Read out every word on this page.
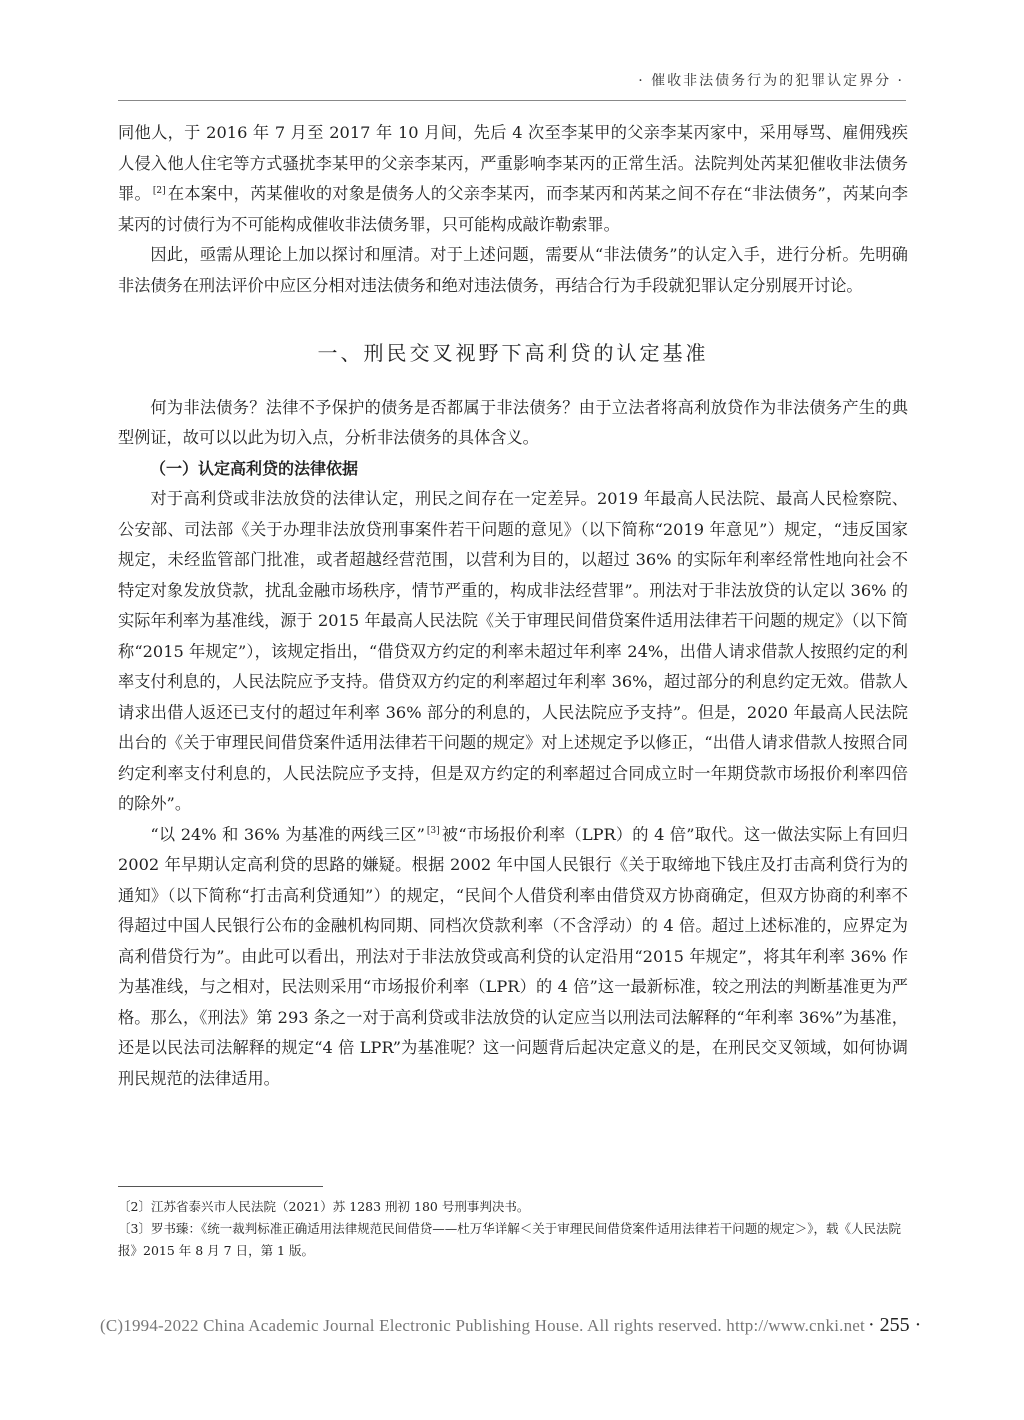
· 催收非法债务行为的犯罪认定界分 ·

同他人，于 2016 年 7 月至 2017 年 10 月间，先后 4 次至李某甲的父亲李某丙家中，采用辱骂、雇佣残疾人侵入他人住宅等方式骚扰李某甲的父亲李某丙，严重影响李某丙的正常生活。法院判处芮某犯催收非法债务罪。 [2] 在本案中，芮某催收的对象是债务人的父亲李某丙，而李某丙和芮某之间不存在“非法债务”，芮某向李某丙的讨债行为不可能构成催收非法债务罪，只可能构成敲诈勒索罪。

因此，亟需从理论上加以探讨和厘清。对于上述问题，需要从“非法债务”的认定入手，进行分析。先明确非法债务在刑法评价中应区分相对违法债务和绝对违法债务，再结合行为手段就犯罪认定分别展开讨论。

一、刑民交叉视野下高利贷的认定基准

何为非法债务？法律不予保护的债务是否都属于非法债务？由于立法者将高利放贷作为非法债务产生的典型例证，故可以以此为切入点，分析非法债务的具体含义。

（一）认定高利贷的法律依据

对于高利贷或非法放贷的法律认定，刑民之间存在一定差异。2019 年最高人民法院、最高人民检察院、公安部、司法部《关于办理非法放贷刑事案件若干问题的意见》（以下简称“2019 年意见”）规定，“违反国家规定，未经监管部门批准，或者超越经营范围，以营利为目的，以超过 36% 的实际年利率经常性地向社会不特定对象发放贷款，扰乱金融市场秩序，情节严重的，构成非法经营罪”。刑法对于非法放贷的认定以 36% 的实际年利率为基准线，源于 2015 年最高人民法院《关于审理民间借贷案件适用法律若干问题的规定》（以下简称“2015 年规定”），该规定指出，“借贷双方约定的利率未超过年利率 24%，出借人请求借款人按照约定的利率支付利息的，人民法院应予支持。借贷双方约定的利率超过年利率 36%，超过部分的利息约定无效。借款人请求出借人返还已支付的超过年利率 36% 部分的利息的，人民法院应予支持”。但是，2020 年最高人民法院出台的《关于审理民间借贷案件适用法律若干问题的规定》对上述规定予以修正，“出借人请求借款人按照合同约定利率支付利息的，人民法院应予支持，但是双方约定的利率超过合同成立时一年期贷款市场报价利率四倍的除外”。

“以 24% 和 36% 为基准的两线三区” [3] 被“市场报价利率（LPR）的 4 倍”取代。这一做法实际上有回归 2002 年早期认定高利贷的思路的嫌疑。根据 2002 年中国人民银行《关于取缔地下钱庄及打击高利贷行为的通知》（以下简称“打击高利贷通知”）的规定，“民间个人借贷利率由借贷双方协商确定，但双方协商的利率不得超过中国人民银行公布的金融机构同期、同档次贷款利率（不含浮动）的 4 倍。超过上述标准的，应界定为高利借贷行为”。由此可以看出，刑法对于非法放贷或高利贷的认定沿用“2015 年规定”，将其年利率 36% 作为基准线，与之相对，民法则采用“市场报价利率（LPR）的 4 倍”这一最新标准，较之刑法的判断基准更为严格。那么，《刑法》第 293 条之一对于高利贷或非法放贷的认定应当以刑法司法解释的“年利率 36%”为基准，还是以民法司法解释的规定“4 倍 LPR”为基准呢？这一问题背后起决定意义的是，在刑民交叉领域，如何协调刑民规范的法律适用。

〔2〕江苏省泰兴市人民法院（2021）苏 1283 刑初 180 号刑事判决书。

〔3〕罗书臻：《统一裁判标准正确适用法律规范民间借贷——杜万华详解＜关于审理民间借贷案件适用法律若干问题的规定＞》，载《人民法院报》2015 年 8 月 7 日，第 1 版。

(C)1994-2022 China Academic Journal Electronic Publishing House. All rights reserved. http://www.cnki.net · 255 ·
